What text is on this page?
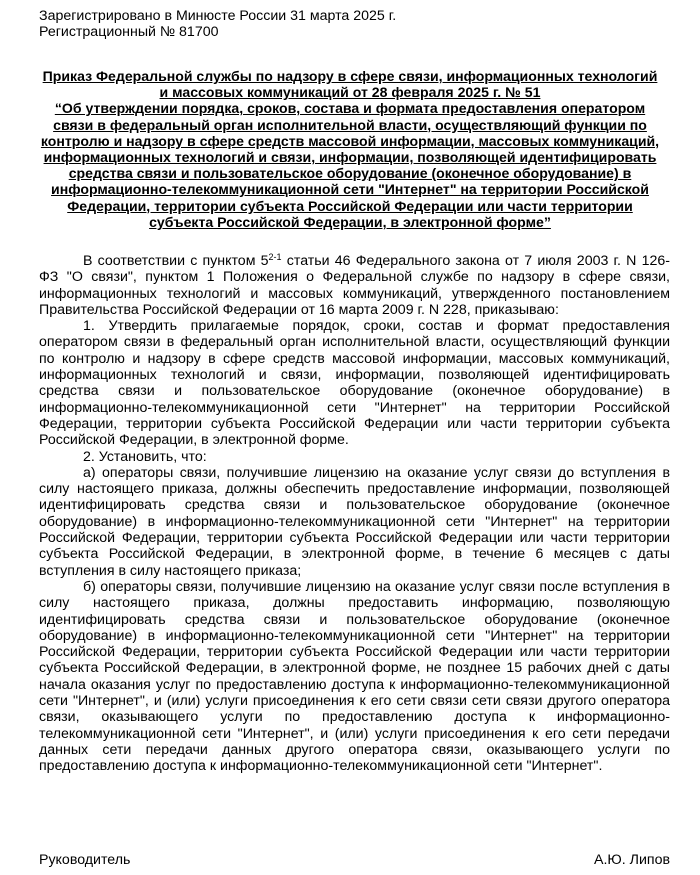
Зарегистрировано в Минюсте России 31 марта 2025 г.
Регистрационный № 81700
Приказ Федеральной службы по надзору в сфере связи, информационных технологий и массовых коммуникаций от 28 февраля 2025 г. № 51
“Об утверждении порядка, сроков, состава и формата предоставления оператором связи в федеральный орган исполнительной власти, осуществляющий функции по контролю и надзору в сфере средств массовой информации, массовых коммуникаций, информационных технологий и связи, информации, позволяющей идентифицировать средства связи и пользовательское оборудование (оконечное оборудование) в информационно-телекоммуникационной сети "Интернет" на территории Российской Федерации, территории субъекта Российской Федерации или части территории субъекта Российской Федерации, в электронной форме”

В соответствии с пунктом 5$^{2-1}$ статьи 46 Федерального закона от 7 июля 2003 г. N 126-ФЗ "О связи", пунктом 1 Положения о Федеральной службе по надзору в сфере связи, информационных технологий и массовых коммуникаций, утвержденного постановлением Правительства Российской Федерации от 16 марта 2009 г. N 228, приказываю:

1. Утвердить прилагаемые порядок, сроки, состав и формат предоставления оператором связи в федеральный орган исполнительной власти, осуществляющий функции по контролю и надзору в сфере средств массовой информации, массовых коммуникаций, информационных технологий и связи, информации, позволяющей идентифицировать средства связи и пользовательское оборудование (оконечное оборудование) в информационно-телекоммуникационной сети "Интернет" на территории Российской Федерации, территории субъекта Российской Федерации или части территории субъекта Российской Федерации, в электронной форме.

2. Установить, что:

а) операторы связи, получившие лицензию на оказание услуг связи до вступления в силу настоящего приказа, должны обеспечить предоставление информации, позволяющей идентифицировать средства связи и пользовательское оборудование (оконечное оборудование) в информационно-телекоммуникационной сети "Интернет" на территории Российской Федерации, территории субъекта Российской Федерации или части территории субъекта Российской Федерации, в электронной форме, в течение 6 месяцев с даты вступления в силу настоящего приказа;

б) операторы связи, получившие лицензию на оказание услуг связи после вступления в силу настоящего приказа, должны предоставить информацию, позволяющую идентифицировать средства связи и пользовательское оборудование (оконечное оборудование) в информационно-телекоммуникационной сети "Интернет" на территории Российской Федерации, территории субъекта Российской Федерации или части территории субъекта Российской Федерации, в электронной форме, не позднее 15 рабочих дней с даты начала оказания услуг по предоставлению доступа к информационно-телекоммуникационной сети "Интернет", и (или) услуги присоединения к его сети связи сети связи другого оператора связи, оказывающего услуги по предоставлению доступа к информационно-телекоммуникационной сети "Интернет", и (или) услуги присоединения к его сети передачи данных сети передачи данных другого оператора связи, оказывающего услуги по предоставлению доступа к информационно-телекоммуникационной сети "Интернет".

Руководитель	А.Ю. Липов
